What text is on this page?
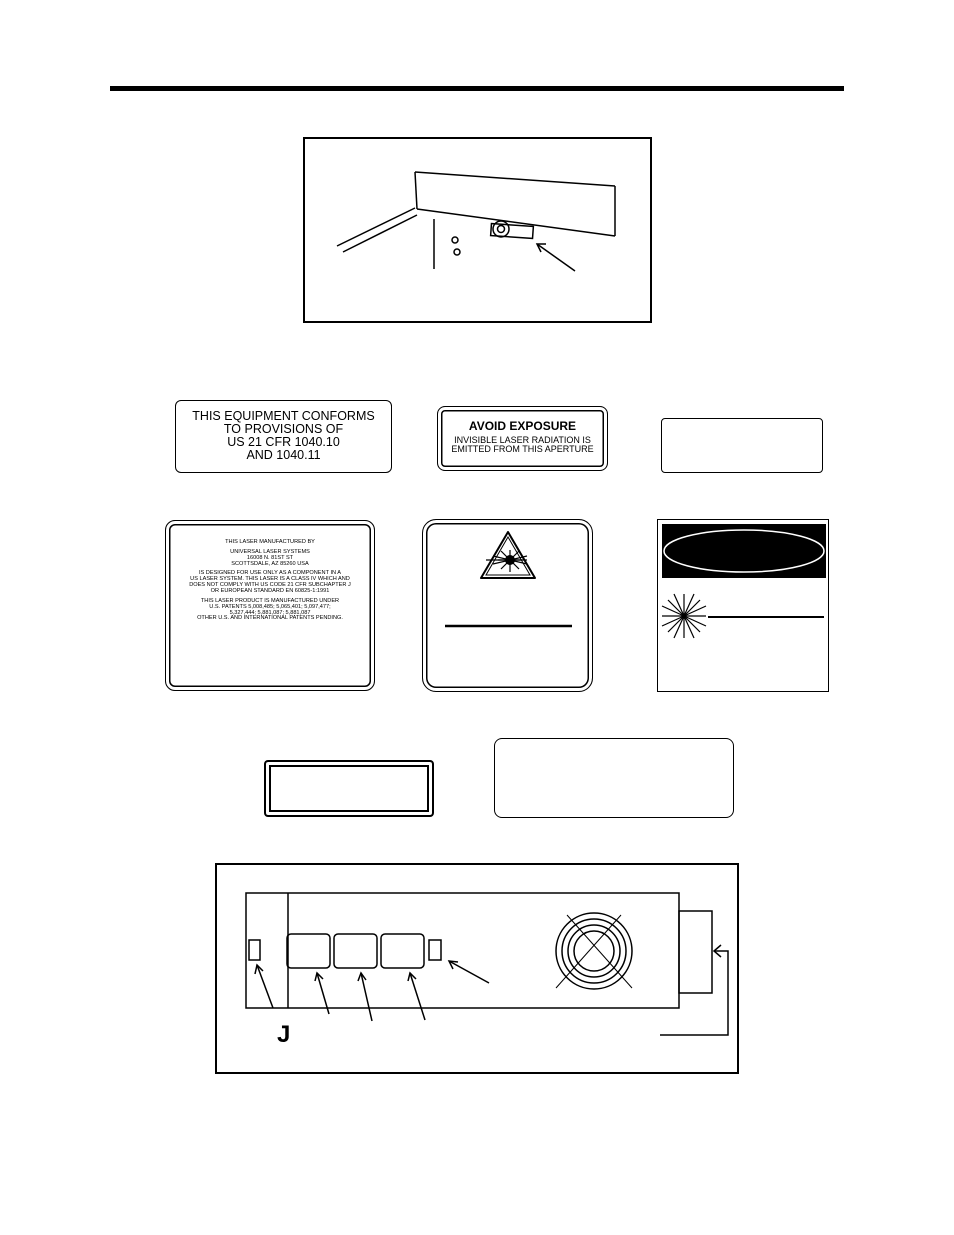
THIS EQUIPMENT CONFORMS
TO PROVISIONS OF
US 21 CFR 1040.10
AND 1040.11
AVOID EXPOSURE
INVISIBLE LASER RADIATION IS
EMITTED FROM THIS APERTURE
THIS LASER MANUFACTURED BY
UNIVERSAL LASER SYSTEMS
16008 N. 81ST ST
SCOTTSDALE, AZ 85260 USA
IS DESIGNED FOR USE ONLY AS A COMPONENT IN A
US LASER SYSTEM. THIS LASER IS A CLASS IV WHICH AND
DOES NOT COMPLY WITH US CODE 21 CFR SUBCHAPTER J
OR EUROPEAN STANDARD EN 60825-1:1991
THIS LASER PRODUCT IS MANUFACTURED UNDER
U.S. PATENTS 5,008,485; 5,065,401; 5,097,477;
5,327,444; 5,881,087; 5,881,087
OTHER U.S. AND INTERNATIONAL PATENTS PENDING.
J
